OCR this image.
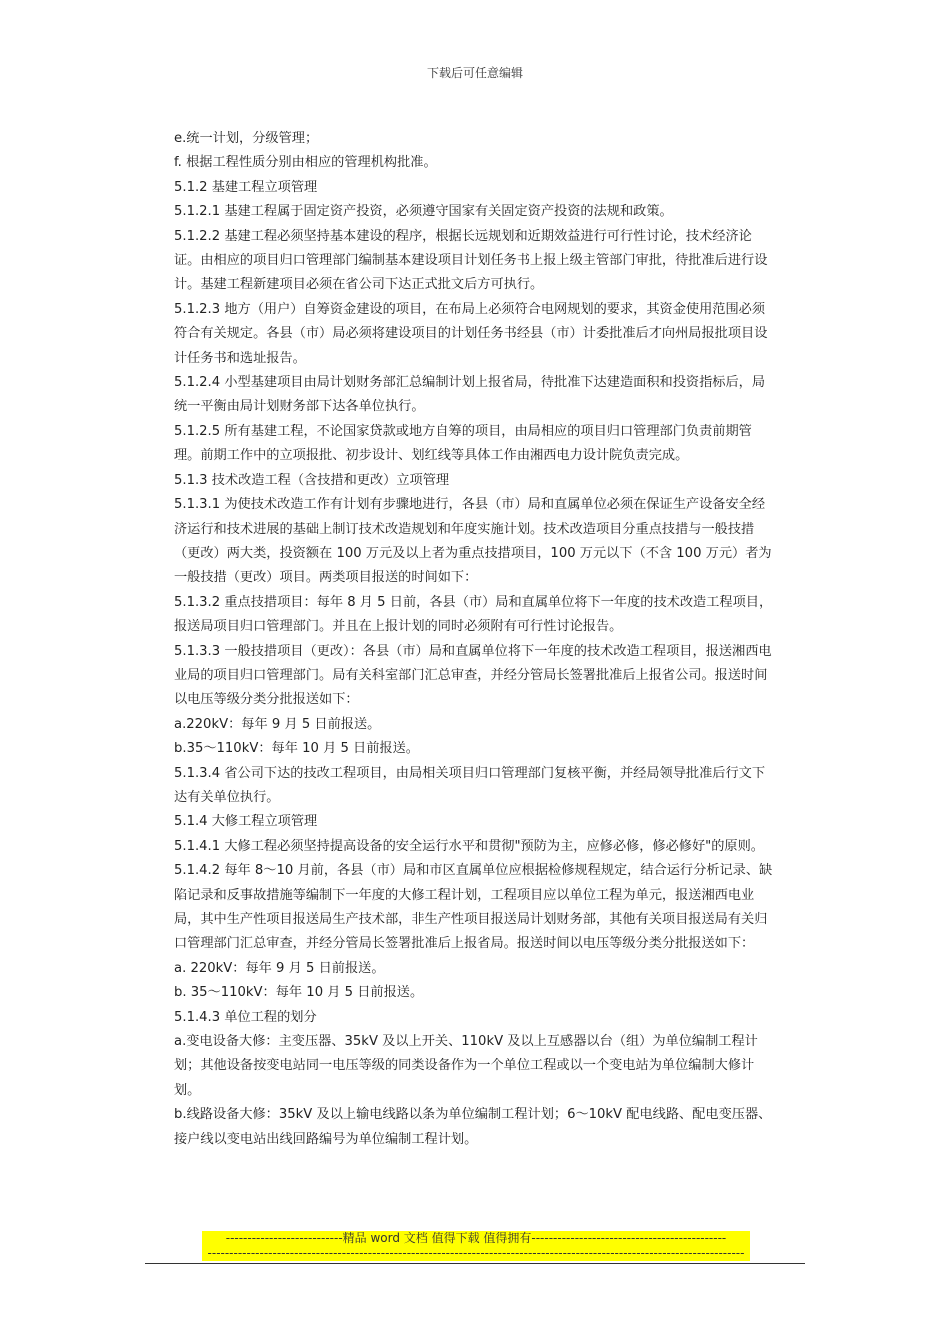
下载后可任意编辑

e.统一计划，分级管理；

f. 根据工程性质分别由相应的管理机构批准。

5.1.2 基建工程立项管理

5.1.2.1 基建工程属于固定资产投资，必须遵守国家有关固定资产投资的法规和政策。

5.1.2.2 基建工程必须坚持基本建设的程序，根据长远规划和近期效益进行可行性讨论，技术经济论证。由相应的项目归口管理部门编制基本建设项目计划任务书上报上级主管部门审批，待批准后进行设计。基建工程新建项目必须在省公司下达正式批文后方可执行。

5.1.2.3 地方（用户）自筹资金建设的项目，在布局上必须符合电网规划的要求，其资金使用范围必须符合有关规定。各县（市）局必须将建设项目的计划任务书经县（市）计委批准后才向州局报批项目设计任务书和选址报告。

5.1.2.4 小型基建项目由局计划财务部汇总编制计划上报省局，待批准下达建造面积和投资指标后，局统一平衡由局计划财务部下达各单位执行。

5.1.2.5 所有基建工程，不论国家贷款或地方自筹的项目，由局相应的项目归口管理部门负责前期管理。前期工作中的立项报批、初步设计、划红线等具体工作由湘西电力设计院负责完成。

5.1.3 技术改造工程（含技措和更改）立项管理

5.1.3.1 为使技术改造工作有计划有步骤地进行，各县（市）局和直属单位必须在保证生产设备安全经济运行和技术进展的基础上制订技术改造规划和年度实施计划。技术改造项目分重点技措与一般技措（更改）两大类，投资额在 100 万元及以上者为重点技措项目，100 万元以下（不含 100 万元）者为一般技措（更改）项目。两类项目报送的时间如下：

5.1.3.2 重点技措项目：每年 8 月 5 日前，各县（市）局和直属单位将下一年度的技术改造工程项目，报送局项目归口管理部门。并且在上报计划的同时必须附有可行性讨论报告。

5.1.3.3 一般技措项目（更改）：各县（市）局和直属单位将下一年度的技术改造工程项目，报送湘西电业局的项目归口管理部门。局有关科室部门汇总审查，并经分管局长签署批准后上报省公司。报送时间以电压等级分类分批报送如下：

a.220kV：每年 9 月 5 日前报送。

b.35～110kV：每年 10 月 5 日前报送。

5.1.3.4 省公司下达的技改工程项目，由局相关项目归口管理部门复核平衡，并经局领导批准后行文下达有关单位执行。

5.1.4 大修工程立项管理

5.1.4.1 大修工程必须坚持提高设备的安全运行水平和贯彻"预防为主，应修必修，修必修好"的原则。

5.1.4.2 每年 8～10 月前，各县（市）局和市区直属单位应根据检修规程规定，结合运行分析记录、缺陷记录和反事故措施等编制下一年度的大修工程计划，工程项目应以单位工程为单元，报送湘西电业局，其中生产性项目报送局生产技术部，非生产性项目报送局计划财务部，其他有关项目报送局有关归口管理部门汇总审查，并经分管局长签署批准后上报省局。报送时间以电压等级分类分批报送如下：

a. 220kV：每年 9 月 5 日前报送。

b. 35～110kV：每年 10 月 5 日前报送。

5.1.4.3 单位工程的划分

a.变电设备大修：主变压器、35kV 及以上开关、110kV 及以上互感器以台（组）为单位编制工程计划；其他设备按变电站同一电压等级的同类设备作为一个单位工程或以一个变电站为单位编制大修计划。

b.线路设备大修：35kV 及以上输电线路以条为单位编制工程计划；6～10kV 配电线路、配电变压器、接户线以变电站出线回路编号为单位编制工程计划。

---------------------------精品 word 文档 值得下载 值得拥有---------------------------------------------
----------------------------------------------------------------------------------------------------------------------------
